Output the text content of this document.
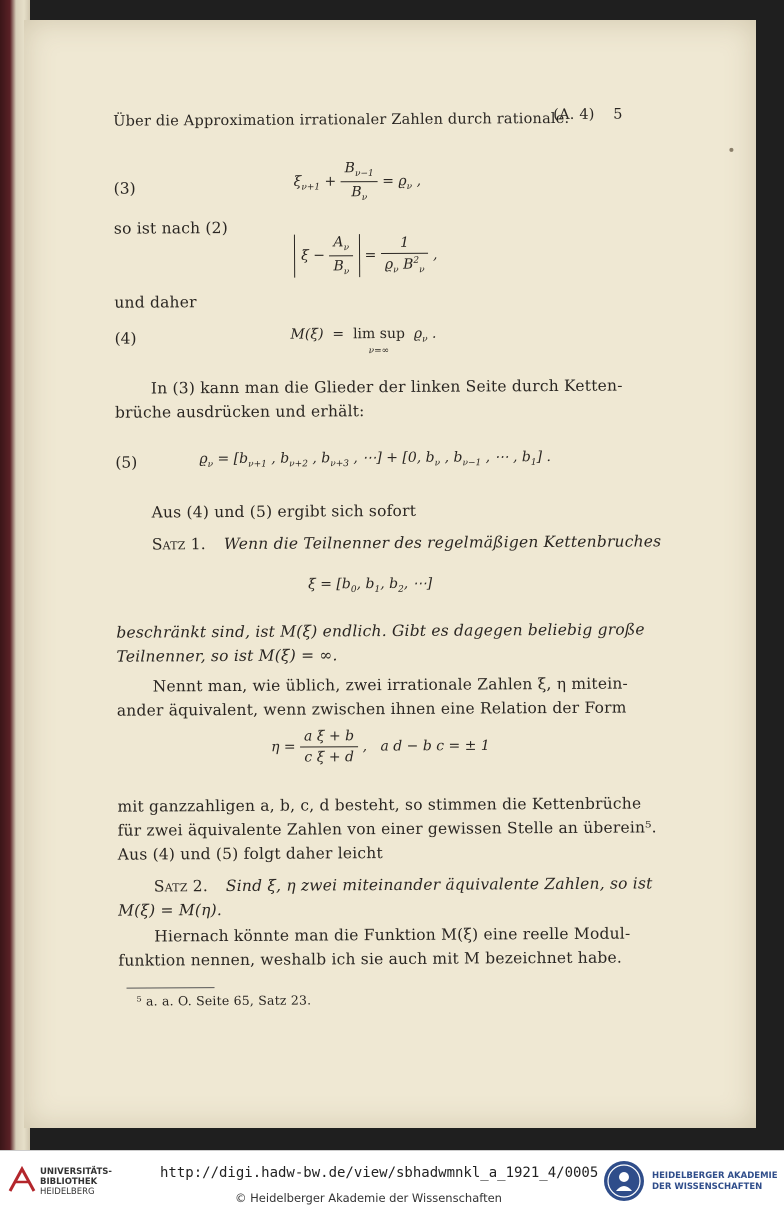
Über die Approximation irrationaler Zahlen durch rationale.
(A. 4) 5
(3)	$\xi_{\nu+1} + \frac{B_{\nu-1}}{B_\nu} = ϱ_\nu$ ,
so ist nach (2)
$\xi - \frac{A_\nu}{B_\nu} = \frac{1}{ϱ_\nu B^2_\nu}$ ,
und daher
(4)	M(ξ)  =  lim sup  $ϱ_\nu$ .
ν=∞
In (3) kann man die Glieder der linken Seite durch Ketten-
brüche ausdrücken und erhält:
(5)	$ϱ_\nu = [b_{\nu+1}$ , $b_{\nu+2}$ , $b_{\nu+3}$ , ⋯] + [0, $b_\nu$ , $b_{\nu-1}$ , ⋯ , $b_1$] .
Aus (4) und (5) ergibt sich sofort
Satz 1. Wenn die Teilnenner des regelmäßigen Kettenbruches
$\xi = [b_0$, $b_1$, $b_2$, ⋯]
beschränkt sind, ist M(ξ) endlich. Gibt es dagegen beliebig große
Teilnenner, so ist M(ξ) = ∞.
Nennt man, wie üblich, zwei irrationale Zahlen ξ, η mitein-
ander äquivalent, wenn zwischen ihnen eine Relation der Form
$\eta = \frac{\text{a ξ + b}}{\text{c ξ + d}}$ ,   a d − b c = ± 1
mit ganzzahligen a, b, c, d besteht, so stimmen die Kettenbrüche
für zwei äquivalente Zahlen von einer gewissen Stelle an überein⁵.
Aus (4) und (5) folgt daher leicht
Satz 2. Sind ξ, η zwei miteinander äquivalente Zahlen, so ist
M(ξ) = M(η).
Hiernach könnte man die Funktion M(ξ) eine reelle Modul-
funktion nennen, weshalb ich sie auch mit M bezeichnet habe.
⁵ a. a. O. Seite 65, Satz 23.
UNIVERSITÄTS-
BIBLIOTHEK
HEIDELBERG
http://digi.hadw-bw.de/view/sbhadwmnkl_a_1921_4/0005
© Heidelberger Akademie der Wissenschaften
HEIDELBERGER AKADEMIE
DER WISSENSCHAFTEN
